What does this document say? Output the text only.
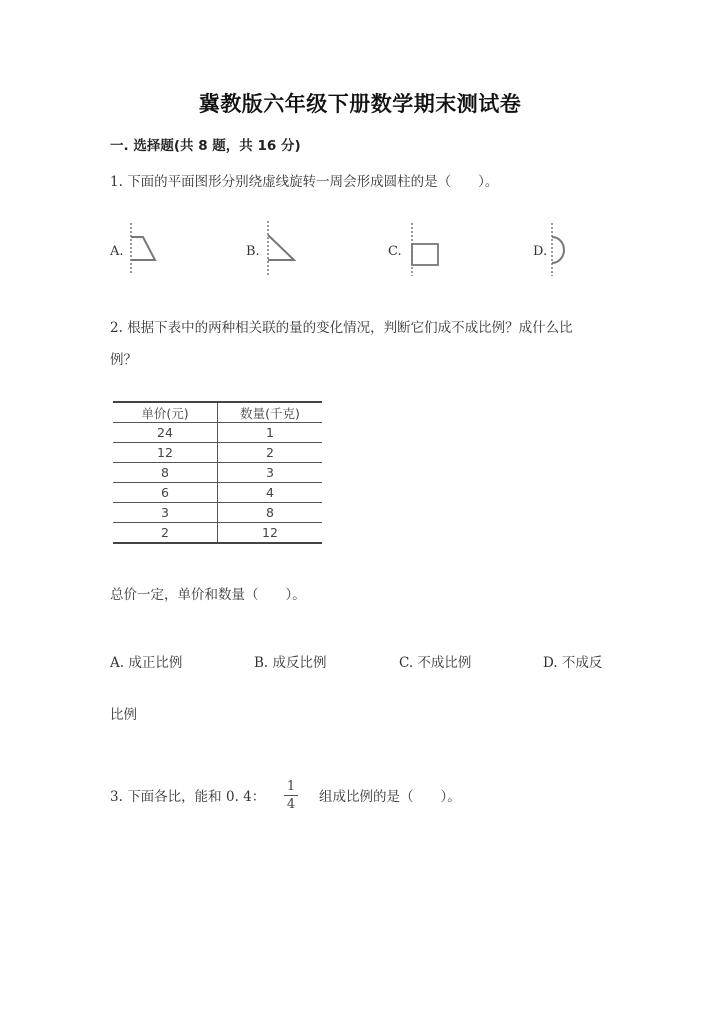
冀教版六年级下册数学期末测试卷
一. 选择题(共 8 题，共 16 分)
1. 下面的平面图形分别绕虚线旋转一周会形成圆柱的是（　　）。
A.	B.	C.	D.
2. 根据下表中的两种相关联的量的变化情况，判断它们成不成比例？成什么比
例？
单价(元)	数量(千克)
24	1
12	2
8	3
6	4
3	8
2	12
总价一定，单价和数量（　　）。
A. 成正比例	B. 成反比例	C. 不成比例	D. 不成反
比例
3. 下面各比，能和 0. 4：
1
4 组成比例的是（　　）。
